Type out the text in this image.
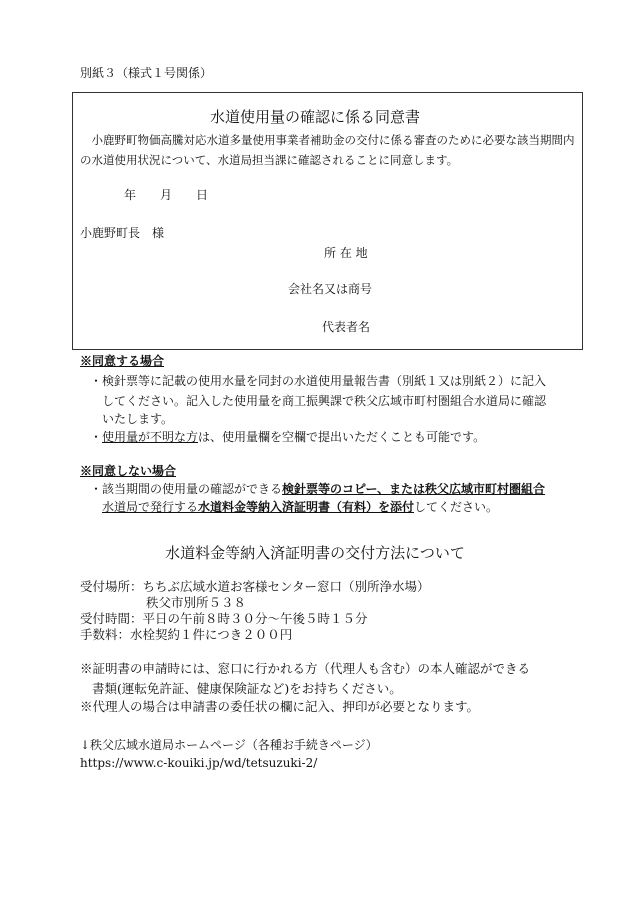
別紙３（様式１号関係）
水道使用量の確認に係る同意書
小鹿野町物価高騰対応水道多量使用事業者補助金の交付に係る審査のために必要な該当期間内の水道使用状況について、水道局担当課に確認されることに同意します。
年 月 日
小鹿野町長　様
所 在 地
会社名又は商号
代表者名
※同意する場合
・検針票等に記載の使用水量を同封の水道使用量報告書（別紙１又は別紙２）に記入
してください。記入した使用量を商工振興課で秩父広域市町村圏組合水道局に確認
いたします。
・使用量が不明な方は、使用量欄を空欄で提出いただくことも可能です。
※同意しない場合
・該当期間の使用量の確認ができる検針票等のコピー、または秩父広域市町村圏組合
水道局で発行する水道料金等納入済証明書（有料）を添付してください。
水道料金等納入済証明書の交付方法について
受付場所：ちちぶ広域水道お客様センター窓口（別所浄水場）
秩父市別所５３８
受付時間：平日の午前８時３０分～午後５時１５分
手数料：水栓契約１件につき２００円
※証明書の申請時には、窓口に行かれる方（代理人も含む）の本人確認ができる
書類(運転免許証、健康保険証など)をお持ちください。
※代理人の場合は申請書の委任状の欄に記入、押印が必要となります。
↓秩父広域水道局ホームページ（各種お手続きページ）
https://www.c-kouiki.jp/wd/tetsuzuki-2/
